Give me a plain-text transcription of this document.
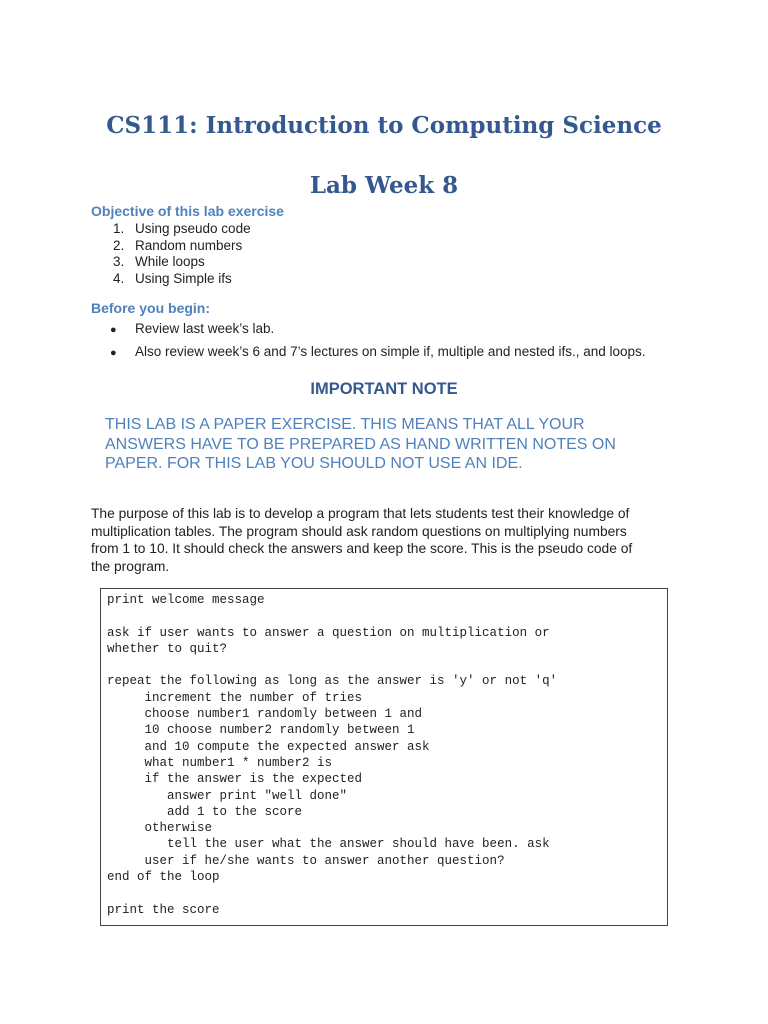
CS111: Introduction to Computing Science
Lab Week 8
Objective of this lab exercise
1. Using pseudo code
2. Random numbers
3. While loops
4. Using Simple ifs
Before you begin:
● Review last week’s lab.
● Also review week’s 6 and 7’s lectures on simple if, multiple and nested ifs., and loops.
IMPORTANT NOTE

THIS LAB IS A PAPER EXERCISE. THIS MEANS THAT ALL YOUR ANSWERS HAVE TO BE PREPARED AS HAND WRITTEN NOTES ON PAPER. FOR THIS LAB YOU SHOULD NOT USE AN IDE.

The purpose of this lab is to develop a program that lets students test their knowledge of multiplication tables. The program should ask random questions on multiplying numbers from 1 to 10. It should check the answers and keep the score. This is the pseudo code of the program.

print welcome message

ask if user wants to answer a question on multiplication or
whether to quit?

repeat the following as long as the answer is 'y' or not 'q'
increment the number of tries
choose number1 randomly between 1 and
10 choose number2 randomly between 1
and 10 compute the expected answer ask
what number1 * number2 is
if the answer is the expected
answer print "well done"
add 1 to the score
otherwise
tell the user what the answer should have been. ask
user if he/she wants to answer another question?
end of the loop

print the score
